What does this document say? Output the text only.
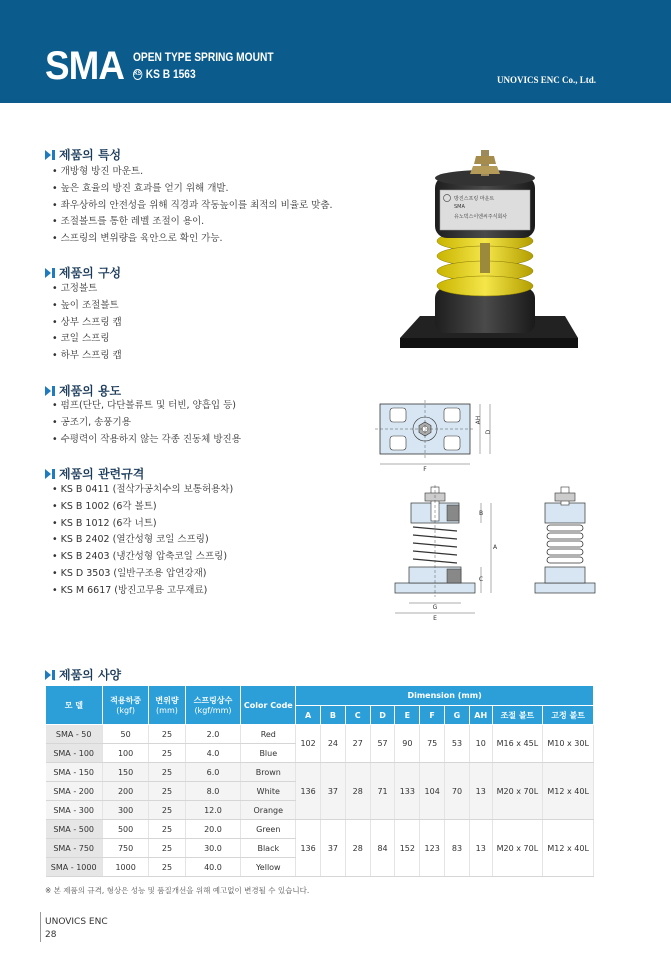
SMA OPEN TYPE SPRING MOUNT
KS KS B 1563	UNOVICS ENC Co., Ltd.
제품의 특성
• 개방형 방진 마운트.
• 높은 효율의 방진 효과를 얻기 위해 개발.
• 좌우상하의 안전성을 위해 직경과 작동높이를 최적의 비율로 맞춤.
• 조절볼트를 통한 레벨 조절이 용이.
• 스프링의 변위량을 육안으로 확인 가능.
제품의 구성
• 고정볼트
• 높이 조절볼트
• 상부 스프링 캡
• 코일 스프링
• 하부 스프링 캡
제품의 용도
• 펌프(단단, 다단볼류트 및 터빈, 양흡입 등)
• 공조기, 송풍기용
• 수평력이 작용하지 않는 각종 진동체 방진용
제품의 관련규격
• KS B 0411 (절삭가공치수의 보통허용차)
• KS B 1002 (6각 볼트)
• KS B 1012 (6각 너트)
• KS B 2402 (열간성형 코일 스프링)
• KS B 2403 (냉간성형 압축코일 스프링)
• KS D 3503 (일반구조용 압연강재)
• KS M 6617 (방진고무용 고무재료)
방진스프링 마운트
SMA
유노빅스이엔씨주식회사
AH
D
F
B
A
C
G
E
제품의 사양
모 델	적용하중
(kgf)	변위량
(mm)	스프링상수
(kgf/mm)	Color Code	Dimension (mm)									
					A	B	C	D	E	F	G	AH	조절 볼트	고정 볼트
SMA - 50	50	25	2.0	Red	102	24	27	57	90	75	53	10	M16 x 45L	M10 x 30L
SMA - 100	100	25	4.0	Blue										
SMA - 150	150	25	6.0	Brown	136	37	28	71	133	104	70	13	M20 x 70L	M12 x 40L
SMA - 200	200	25	8.0	White										
SMA - 300	300	25	12.0	Orange										
SMA - 500	500	25	20.0	Green	136	37	28	84	152	123	83	13	M20 x 70L	M12 x 40L
SMA - 750	750	25	30.0	Black										
SMA - 1000	1000	25	40.0	Yellow										
※ 본 제품의 규격, 형상은 성능 및 품질개선을 위해 예고없이 변경될 수 있습니다.
UNOVICS ENC
28
